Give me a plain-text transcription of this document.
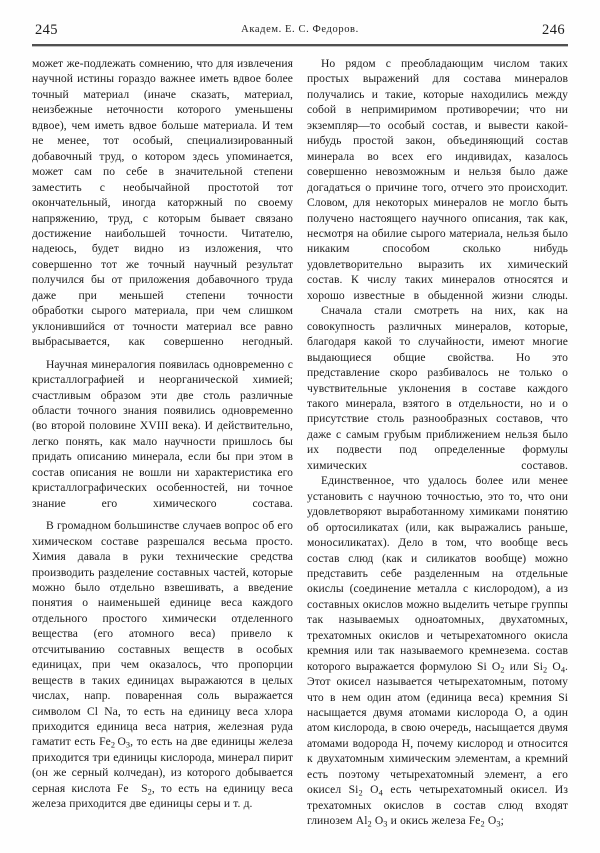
245	Академ. Е. С. Федоров.	246

может же-подлежать сомнению, что для извлечения научной истины гораздо важнее иметь вдвое более точный материал (иначе сказать, материал, неизбежные неточности которого уменьшены вдвое), чем иметь вдвое больше материала. И тем не менее, тот особый, специализированный добавочный труд, о котором здесь упоминается, может сам по себе в значительной степени заместить с необычайной простотой тот окончательный, иногда каторжный по своему напряжению, труд, с которым бывает связано достижение наибольшей точности. Читателю, надеюсь, будет видно из изложения, что совершенно тот же точный научный результат получился бы от приложения добавочного труда даже при меньшей степени точности обработки сырого материала, при чем слишком уклонившийся от точности материал все равно выбрасывается, как совершенно негодный.

Научная минералогия появилась одновременно с кристаллографией и неорганической химией; счастливым образом эти две столь различные области точного знания появились одновременно (во второй половине XVIII века). И действительно, легко понять, как мало научности пришлось бы придать описанию минерала, если бы при этом в состав описания не вошли ни характеристика его кристаллографических особенностей, ни точное знание его химического состава.

В громадном большинстве случаев вопрос об его химическом составе разрешался весьма просто. Химия давала в руки технические средства производить разделение составных частей, которые можно было отдельно взвешивать, а введение понятия о наименьшей единице веса каждого отдельного простого химически отделенного вещества (его атомного веса) привело к отсчитыванию составных веществ в особых единицах, при чем оказалось, что пропорции веществ в таких единицах выражаются в целых числах, напр. поваренная соль выражается символом Cl Na, то есть на единицу веса хлора приходится единица веса натрия, железная руда гаматит есть $Fe_2$ $O_3$, то есть на две единицы железа приходится три единицы кислорода, минерал пирит (он же серный колчедан), из которого добывается серная кислота Fe  $S_2$, то есть на единицу веса железа приходится две единицы серы и т. д.

Но рядом с преобладающим числом таких простых выражений для состава минералов получались и такие, которые находились между собой в непримиримом противоречии; что ни экземпляр—то особый состав, и вывести какой-нибудь простой закон, объединяющий состав минерала во всех его индивидах, казалось совершенно невозможным и нельзя было даже догадаться о причине того, отчего это происходит. Словом, для некоторых минералов не могло быть получено настоящего научного описания, так как, несмотря на обилие сырого материала, нельзя было никаким способом сколько нибудь удовлетворительно выразить их химический состав. К числу таких минералов относятся и хорошо известные в обыденной жизни слюды.

Сначала стали смотреть на них, как на совокупность различных минералов, которые, благодаря какой то случайности, имеют многие выдающиеся общие свойства. Но это представление скоро разбивалось не только о чувствительные уклонения в составе каждого такого минерала, взятого в отдельности, но и о присутствие столь разнообразных составов, что даже с самым грубым приближением нельзя было их подвести под определенные формулы химических составов.

Единственное, что удалось более или менее установить с научною точностью, это то, что они удовлетворяют выработанному химиками понятию об ортосиликатах (или, как выражались раньше, моносиликатах). Дело в том, что вообще весь состав слюд (как и силикатов вообще) можно представить себе разделенным на отдельные окислы (соединение металла с кислородом), а из составных окислов можно выделить четыре группы так называемых одноатомных, двухатомных, трехатомных окислов и четырехатомного окисла кремния или так называемого кремнезема. состав которого выражается формулою Si $O_2$ или $Si_2$ $O_4$. Этот окисел называется четырехатомным, потому что в нем один атом (единица веса) кремния Si насыщается двумя атомами кислорода О, а один атом кислорода, в свою очередь, насыщается двумя атомами водорода Н, почему кислород и относится к двухатомным химическим элементам, а кремний есть поэтому четырехатомный элемент, а его окисел $Si_2$ $O_4$ есть четырехатомный окисел. Из трехатомных окислов в состав слюд входят глинозем $Al_2$ $O_3$ и окись железа $Fe_2$ $O_3$;
